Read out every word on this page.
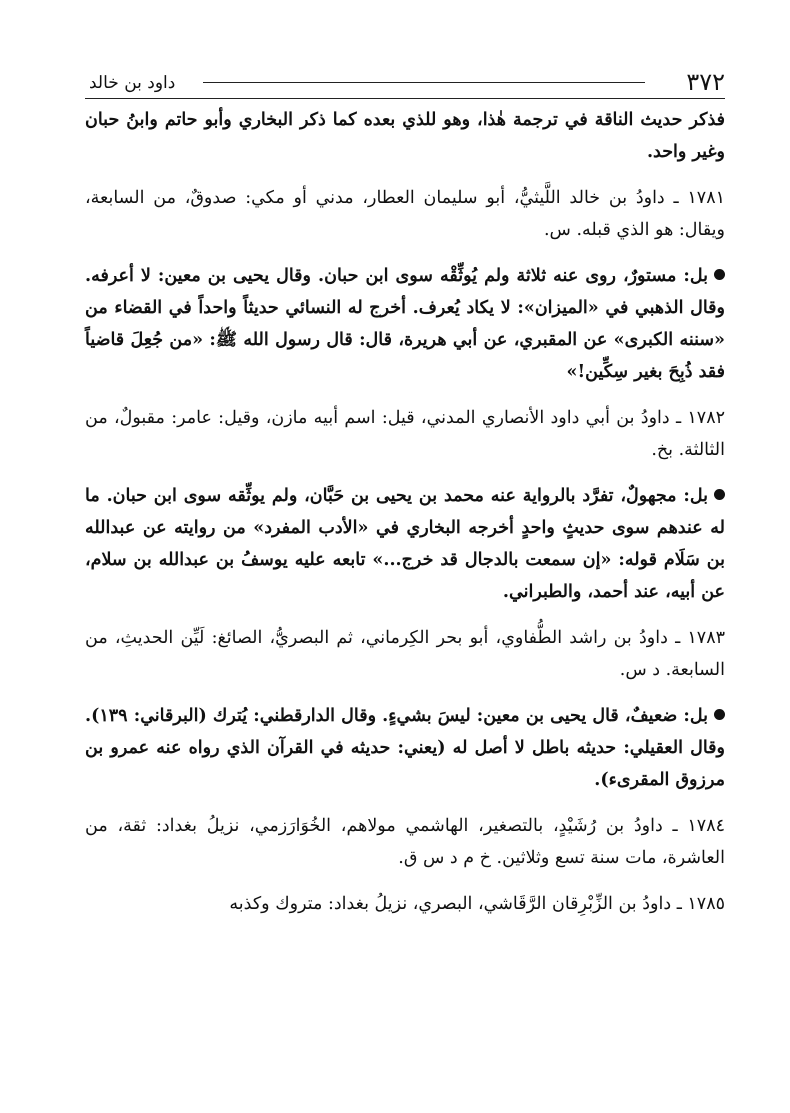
٣٧٢
داود بن خالد

فذكر حديث الناقة في ترجمة هٰذا، وهو للذي بعده كما ذكر البخاري وأبو حاتم وابنُ حبان وغير واحد.

١٧٨١ ـ داودُ بن خالد اللَّيثيُّ، أبو سليمان العطار، مدني أو مكي: صدوقٌ، من السابعة، ويقال: هو الذي قبله. س.

بل: مستورٌ، روى عنه ثلاثة ولم يُوثِّقْه سوى ابن حبان. وقال يحيى بن معين: لا أعرفه. وقال الذهبي في «الميزان»: لا يكاد يُعرف. أخرج له النسائي حديثاً واحداً في القضاء من «سننه الكبرى» عن المقبري، عن أبي هريرة، قال: قال رسول الله ﷺ: «من جُعِلَ قاضياً فقد ذُبِحَ بغير سِكِّين!»

١٧٨٢ ـ داودُ بن أبي داود الأنصاري المدني، قيل: اسم أبيه مازن، وقيل: عامر: مقبولٌ، من الثالثة. بخ.

بل: مجهولٌ، تفرَّد بالرواية عنه محمد بن يحيى بن حَبَّان، ولم يوثِّقه سوى ابن حبان. ما له عندهم سوى حديثٍ واحدٍ أخرجه البخاري في «الأدب المفرد» من روايته عن عبدالله بن سَلَام قوله: «إن سمعت بالدجال قد خرج...» تابعه عليه يوسفُ بن عبدالله بن سلام، عن أبيه، عند أحمد، والطبراني.

١٧٨٣ ـ داودُ بن راشد الطُّفاوي، أبو بحر الكِرماني، ثم البصريُّ، الصائغ: لَيِّن الحديثِ، من السابعة. د س.

بل: ضعيفٌ، قال يحيى بن معين: ليسَ بشيءٍ. وقال الدارقطني: يُترك (البرقاني: ١٣٩). وقال العقيلي: حديثه باطل لا أصل له (يعني: حديثه في القرآن الذي رواه عنه عمرو بن مرزوق المقرىء).

١٧٨٤ ـ داودُ بن رُشَيْدٍ، بالتصغير، الهاشمي مولاهم، الخُوَارَزمي، نزيلُ بغداد: ثقة، من العاشرة، مات سنة تسع وثلاثين. خ م د س ق.

١٧٨٥ ـ داودُ بن الزِّبْرِقان الرَّقَاشي، البصري، نزيلُ بغداد: متروك وكذبه
